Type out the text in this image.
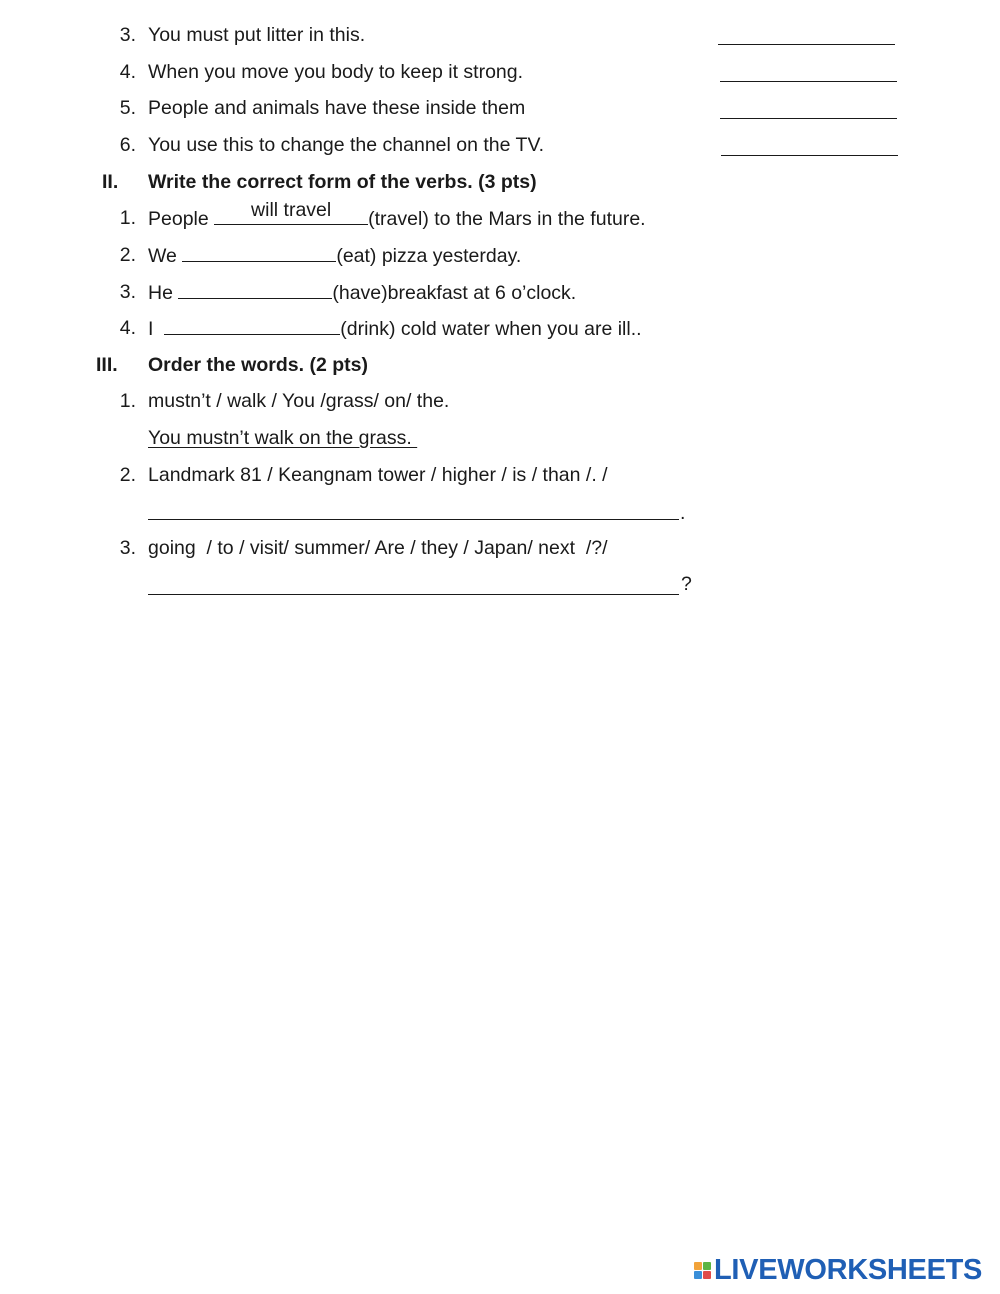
3. You must put litter in this.
4. When you move you body to keep it strong.
5. People and animals have these inside them
6. You use this to change the channel on the TV.
II. Write the correct form of the verbs. (3 pts)
1. People	will travel	(travel) to the Mars in the future.
2. We	(eat) pizza yesterday.
3. He	(have)breakfast at 6 o’clock.
4. I	(drink) cold water when you are ill..
III. Order the words. (2 pts)
1. mustn’t / walk / You /grass/ on/ the.
You mustn’t walk on the grass.
2. Landmark 81 / Keangnam tower / higher / is / than /. /
.
3. going  / to / visit/ summer/ Are / they / Japan/ next  /?/
?
LIVEWORKSHEETS
